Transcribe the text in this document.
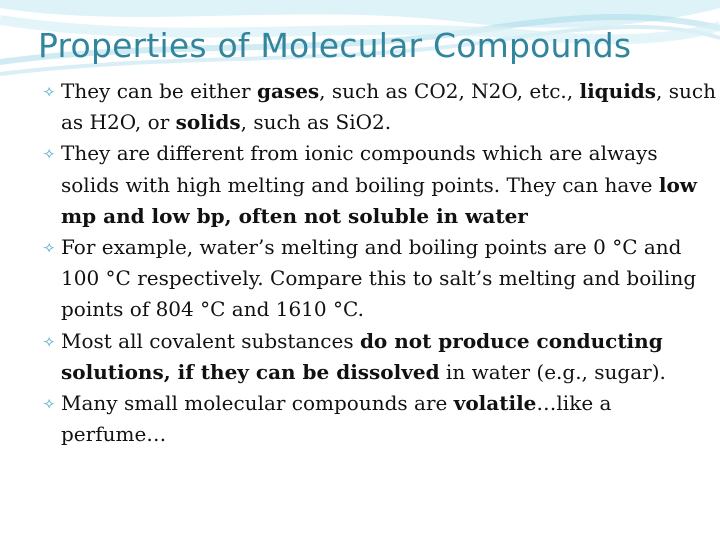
Properties of Molecular Compounds
⟢ They can be either gases, such as CO2, N2O, etc., liquids, such as H2O, or solids, such as SiO2.
⟢ They are different from ionic compounds which are always solids with high melting and boiling points. They can have low mp and low bp, often not soluble in water
⟢ For example, water’s melting and boiling points are 0 °C and 100 °C respectively. Compare this to salt’s melting and boiling points of 804 °C and 1610 °C.
⟢ Most all covalent substances do not produce conducting solutions, if they can be dissolved in water (e.g., sugar).
⟢ Many small molecular compounds are volatile…like a perfume…
